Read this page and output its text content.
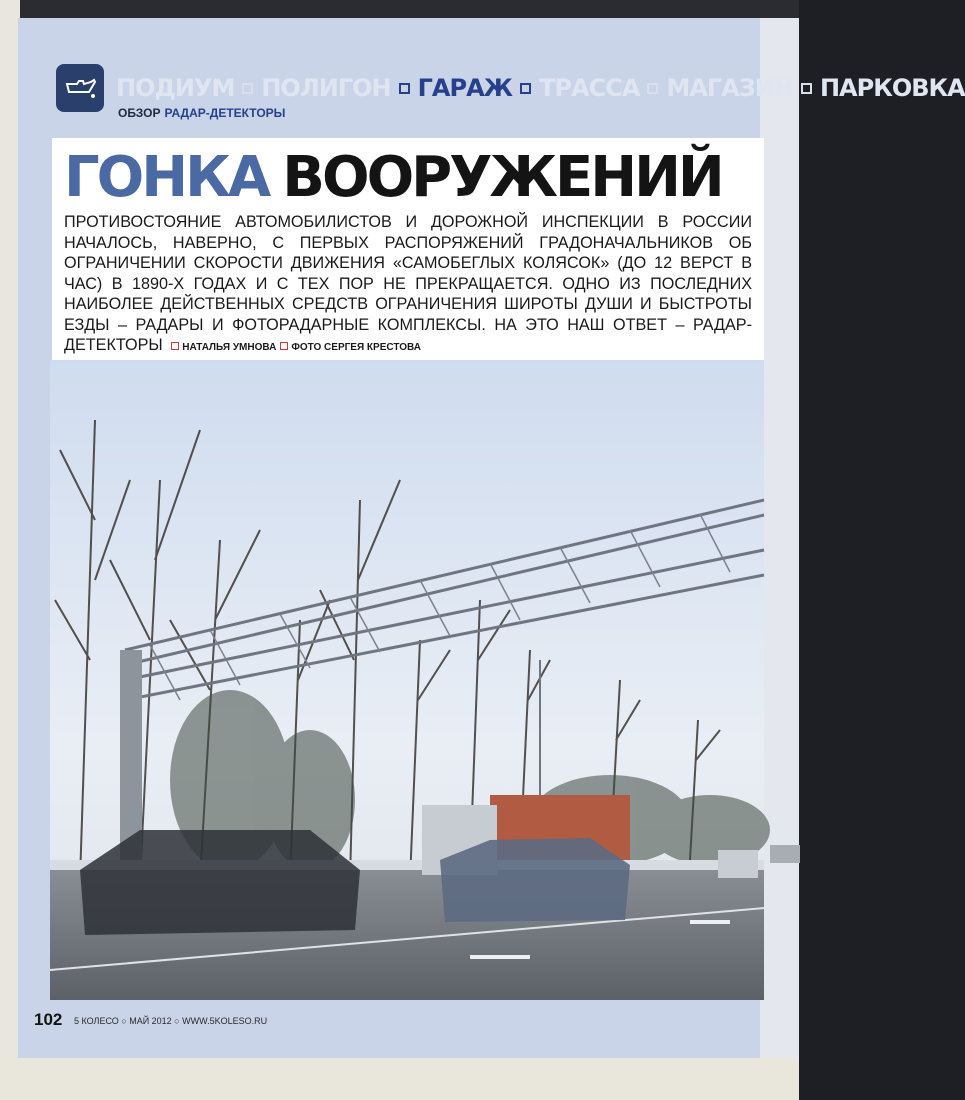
ПОДИУМ ПОЛИГОН ГАРАЖ ТРАССА МАГАЗИН ПАРКОВКА
ОБЗОР РАДАР-ДЕТЕКТОРЫ
ГОНКА ВООРУЖЕНИЙ
ПРОТИВОСТОЯНИЕ АВТОМОБИЛИСТОВ И ДОРОЖНОЙ ИНСПЕКЦИИ В РОССИИ НАЧАЛОСЬ, НАВЕРНО, С ПЕРВЫХ РАСПОРЯЖЕНИЙ ГРАДОНАЧАЛЬНИКОВ ОБ ОГРАНИЧЕНИИ СКОРОСТИ ДВИЖЕНИЯ «САМОБЕГЛЫХ КОЛЯСОК» (ДО 12 ВЕРСТ В ЧАС) В 1890-Х ГОДАХ И С ТЕХ ПОР НЕ ПРЕКРАЩАЕТСЯ. ОДНО ИЗ ПОСЛЕДНИХ НАИБОЛЕЕ ДЕЙСТВЕННЫХ СРЕДСТВ ОГРАНИЧЕНИЯ ШИРОТЫ ДУШИ И БЫСТРОТЫ ЕЗДЫ – РАДАРЫ И ФОТОРАДАРНЫЕ КОМПЛЕКСЫ. НА ЭТО НАШ ОТВЕТ – РАДАР-ДЕТЕКТОРЫ НАТАЛЬЯ УМНОВА ФОТО СЕРГЕЯ КРЕСТОВА
102 5 КОЛЕСО ○ МАЙ 2012 ○ WWW.5KOLESO.RU
